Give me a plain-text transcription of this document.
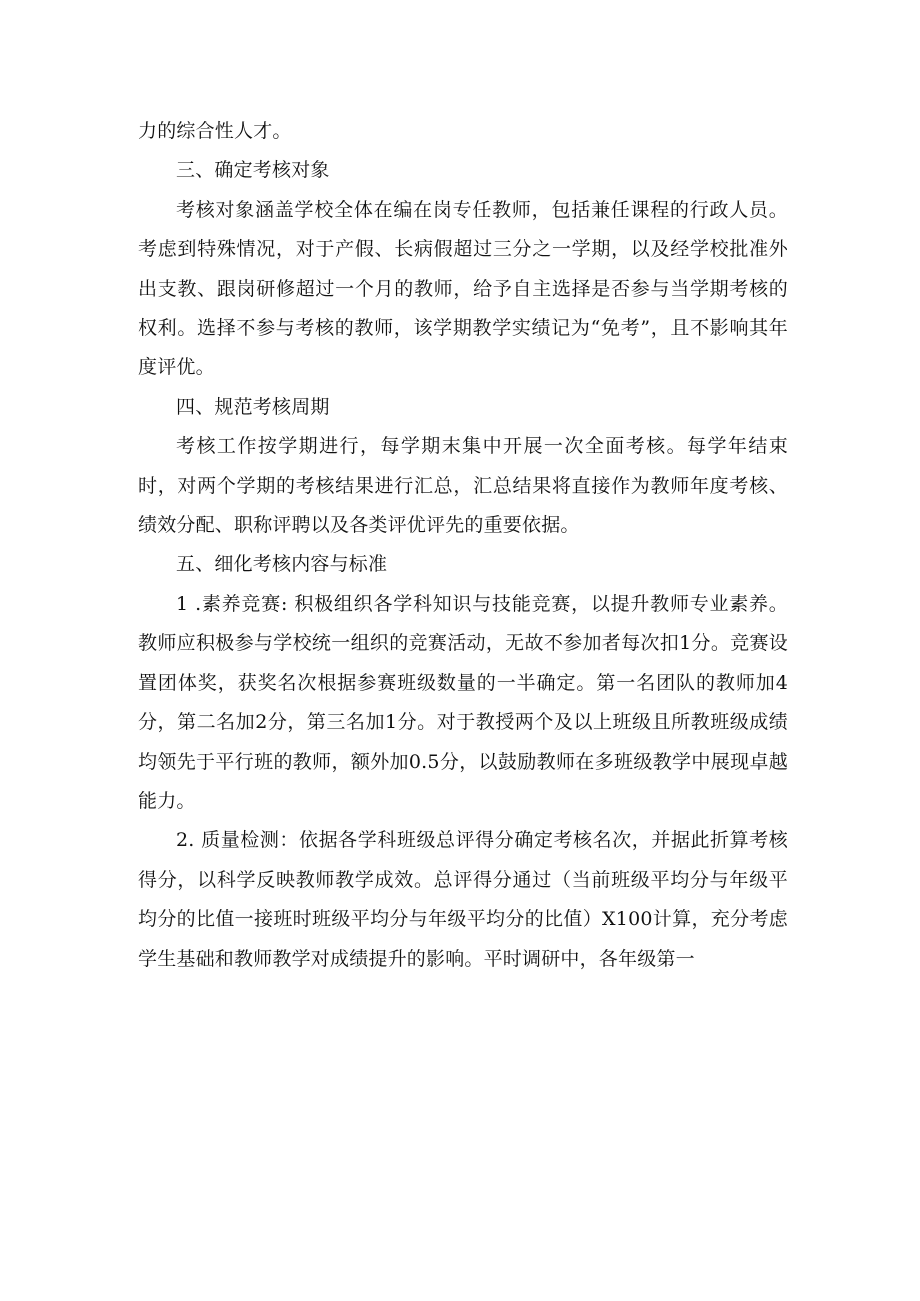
力的综合性人才。

三、确定考核对象

考核对象涵盖学校全体在编在岗专任教师，包括兼任课程的行政人员。考虑到特殊情况，对于产假、长病假超过三分之一学期，以及经学校批准外出支教、跟岗研修超过一个月的教师，给予自主选择是否参与当学期考核的权利。选择不参与考核的教师，该学期教学实绩记为“免考”，且不影响其年度评优。

四、规范考核周期

考核工作按学期进行，每学期末集中开展一次全面考核。每学年结束时，对两个学期的考核结果进行汇总，汇总结果将直接作为教师年度考核、绩效分配、职称评聘以及各类评优评先的重要依据。

五、细化考核内容与标准

1 .素养竞赛: 积极组织各学科知识与技能竞赛，以提升教师专业素养。教师应积极参与学校统一组织的竞赛活动，无故不参加者每次扣1分。竞赛设置团体奖，获奖名次根据参赛班级数量的一半确定。第一名团队的教师加4分，第二名加2分，第三名加1分。对于教授两个及以上班级且所教班级成绩均领先于平行班的教师，额外加0.5分，以鼓励教师在多班级教学中展现卓越能力。

2. 质量检测：依据各学科班级总评得分确定考核名次，并据此折算考核得分，以科学反映教师教学成效。总评得分通过（当前班级平均分与年级平均分的比值一接班时班级平均分与年级平均分的比值）X100计算，充分考虑学生基础和教师教学对成绩提升的影响。平时调研中，各年级第一
